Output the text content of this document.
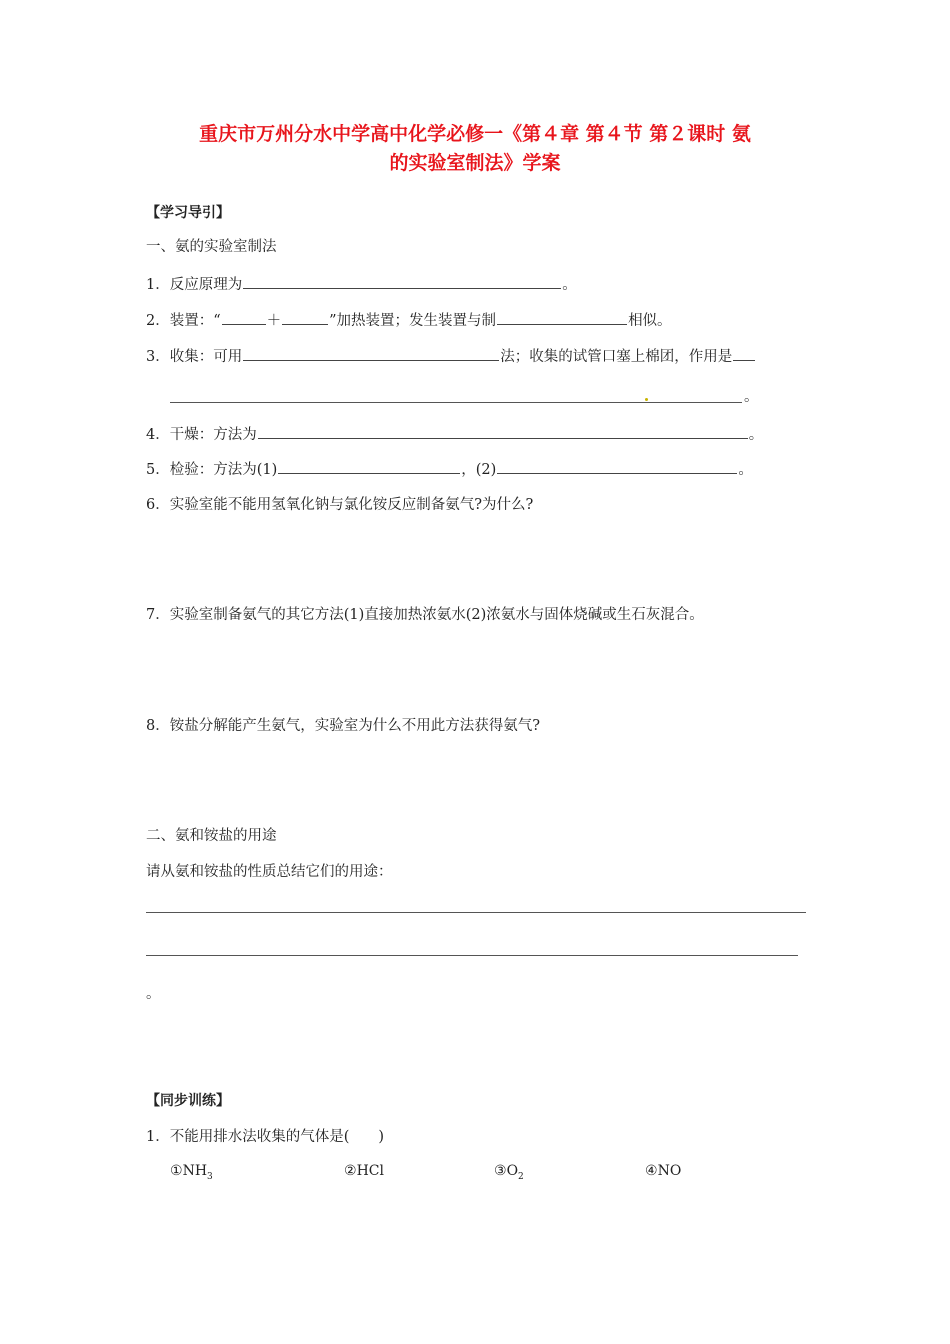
重庆市万州分水中学高中化学必修一《第４章 第４节 第２课时 氨
的实验室制法》学案
【学习导引】
一、氨的实验室制法
1．反应原理为	。
2．装置：“	＋	”加热装置；发生装置与制	相似。
3．收集：可用	法；收集的试管口塞上棉团，作用是
。
4．干燥：方法为	。
5．检验：方法为(1)	，(2)	。
6．实验室能不能用氢氧化钠与氯化铵反应制备氨气?为什么?
7．实验室制备氨气的其它方法(1)直接加热浓氨水(2)浓氨水与固体烧碱或生石灰混合。
8．铵盐分解能产生氨气，实验室为什么不用此方法获得氨气?
二、氨和铵盐的用途
请从氨和铵盐的性质总结它们的用途：
。
【同步训练】
1．不能用排水法收集的气体是(　　)
$①NH_3$	②HCl	$③O_2$	④NO
